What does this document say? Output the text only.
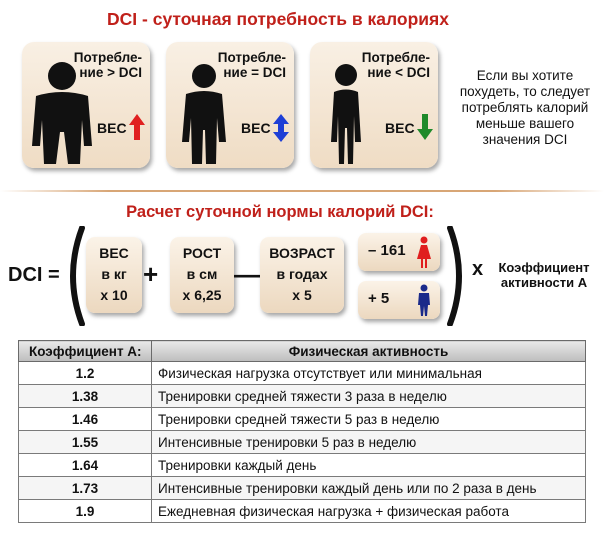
DCI - суточная потребность в калориях
Потребле-ние > DCI
ВЕС
Потребле-ние = DCI
ВЕС
Потребле-ние < DCI
ВЕС
Если вы хотите похудеть, то следует потреблять калорий меньше вашего значения DCI
Расчет суточной нормы калорий DCI:
DCI =
ВЕС
в кг
х 10
+
РОСТ
в см
х 6,25
—
ВОЗРАСТ
в годах
х 5
– 161
+ 5
х	Коэффициент активности А
Коэффициент А:	Физическая активность
1.2	Физическая нагрузка отсутствует или минимальная
1.38	Тренировки средней тяжести 3 раза в неделю
1.46	Тренировки средней тяжести 5 раз в неделю
1.55	Интенсивные тренировки 5 раз в неделю
1.64	Тренировки каждый день
1.73	Интенсивные тренировки каждый день или по 2 раза в день
1.9	Ежедневная физическая нагрузка + физическая работа
